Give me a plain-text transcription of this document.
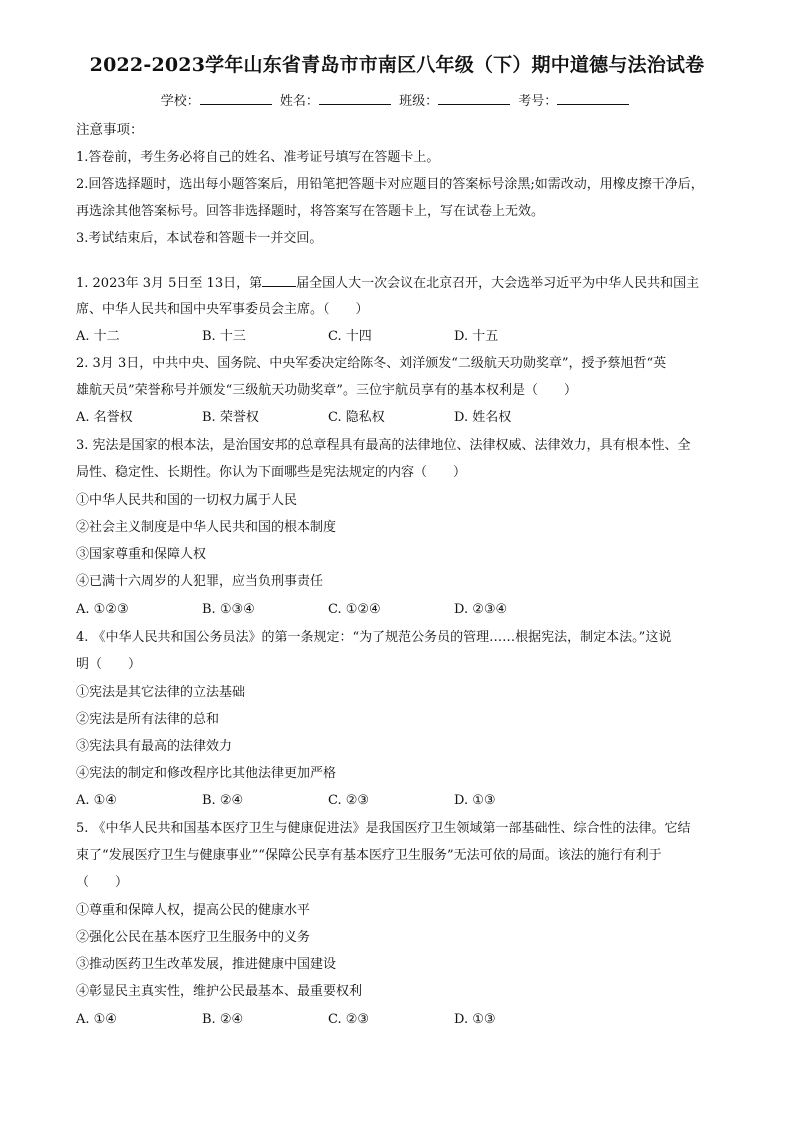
2022-2023学年山东省青岛市市南区八年级（下）期中道德与法治试卷
学校：	姓名：	班级：	考号：
注意事项：
1.答卷前，考生务必将自己的姓名、准考证号填写在答题卡上。
2.回答选择题时，选出每小题答案后，用铅笔把答题卡对应题目的答案标号涂黑;如需改动，用橡皮擦干净后，
再选涂其他答案标号。回答非选择题时，将答案写在答题卡上，写在试卷上无效。
3.考试结束后，本试卷和答题卡一并交回。
1. 2023年 3月 5日至 13日，第	届全国人大一次会议在北京召开，大会选举习近平为中华人民共和国主
席、中华人民共和国中央军事委员会主席。（　　）
A. 十二	B. 十三	C. 十四	D. 十五
2. 3月 3日，中共中央、国务院、中央军委决定给陈冬、刘洋颁发“二级航天功勋奖章”，授予蔡旭哲“英
雄航天员”荣誉称号并颁发“三级航天功勋奖章”。三位宇航员享有的基本权利是（　　）
A. 名誉权	B. 荣誉权	C. 隐私权	D. 姓名权
3. 宪法是国家的根本法，是治国安邦的总章程具有最高的法律地位、法律权威、法律效力，具有根本性、全
局性、稳定性、长期性。你认为下面哪些是宪法规定的内容（　　）
①中华人民共和国的一切权力属于人民
②社会主义制度是中华人民共和国的根本制度
③国家尊重和保障人权
④已满十六周岁的人犯罪，应当负刑事责任
A. ①②③	B. ①③④	C. ①②④	D. ②③④
4. 《中华人民共和国公务员法》的第一条规定：“为了规范公务员的管理……根据宪法，制定本法。”这说
明（　　）
①宪法是其它法律的立法基础
②宪法是所有法律的总和
③宪法具有最高的法律效力
④宪法的制定和修改程序比其他法律更加严格
A. ①④	B. ②④	C. ②③	D. ①③
5. 《中华人民共和国基本医疗卫生与健康促进法》是我国医疗卫生领域第一部基础性、综合性的法律。它结
束了“发展医疗卫生与健康事业”“保障公民享有基本医疗卫生服务”无法可依的局面。该法的施行有利于
（　　）
①尊重和保障人权，提高公民的健康水平
②强化公民在基本医疗卫生服务中的义务
③推动医药卫生改革发展，推进健康中国建设
④彰显民主真实性，维护公民最基本、最重要权利
A. ①④	B. ②④	C. ②③	D. ①③
